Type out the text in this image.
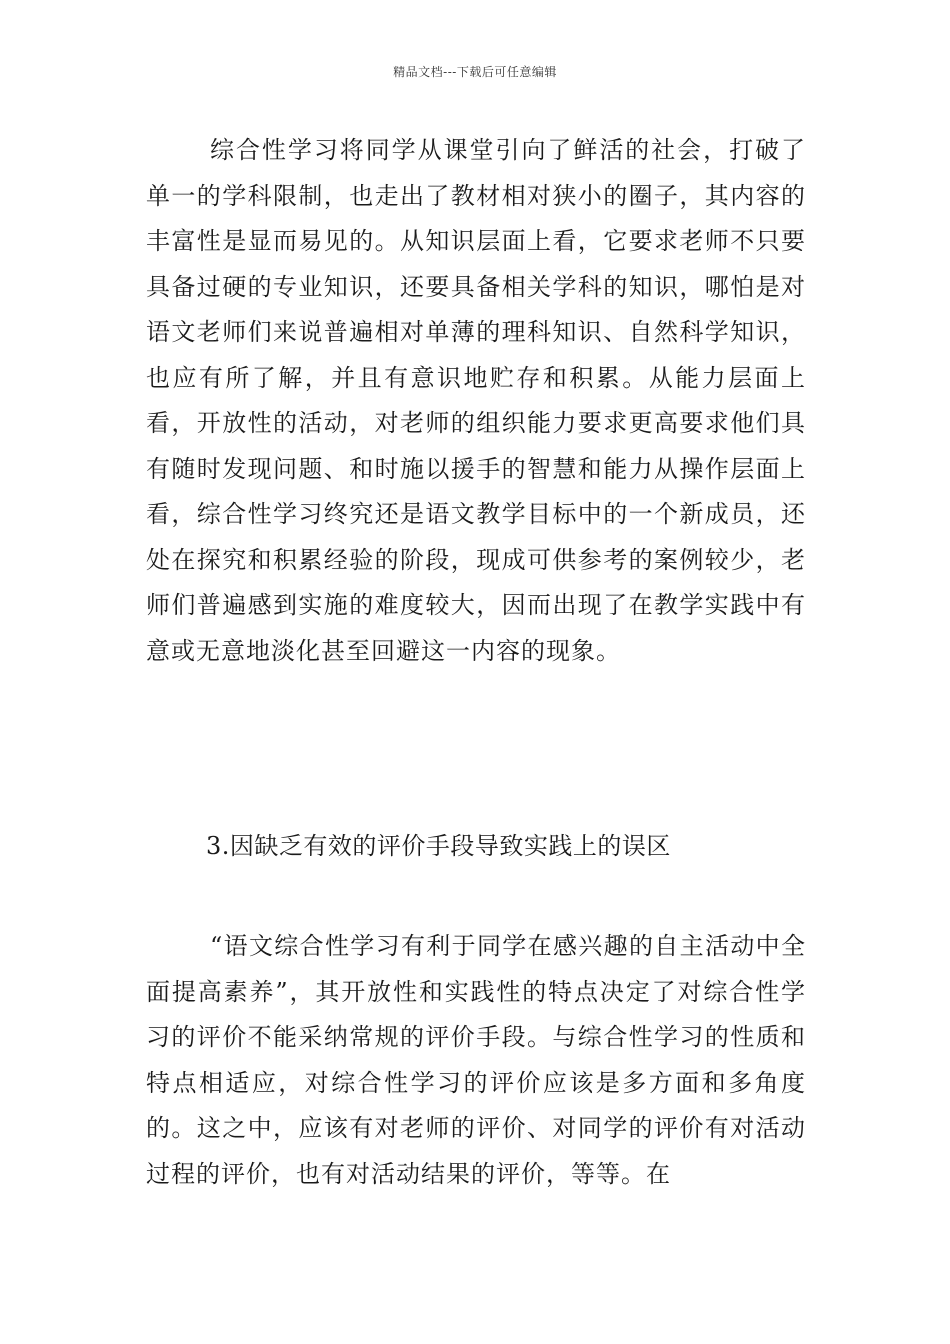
精品文档---下载后可任意编辑

综合性学习将同学从课堂引向了鲜活的社会，打破了单一的学科限制，也走出了教材相对狭小的圈子，其内容的丰富性是显而易见的。从知识层面上看，它要求老师不只要具备过硬的专业知识，还要具备相关学科的知识，哪怕是对语文老师们来说普遍相对单薄的理科知识、自然科学知识，也应有所了解，并且有意识地贮存和积累。从能力层面上看，开放性的活动，对老师的组织能力要求更高要求他们具有随时发现问题、和时施以援手的智慧和能力从操作层面上看，综合性学习终究还是语文教学目标中的一个新成员，还处在探究和积累经验的阶段，现成可供参考的案例较少，老师们普遍感到实施的难度较大，因而出现了在教学实践中有意或无意地淡化甚至回避这一内容的现象。

3.因缺乏有效的评价手段导致实践上的误区

“语文综合性学习有利于同学在感兴趣的自主活动中全面提高素养”，其开放性和实践性的特点决定了对综合性学习的评价不能采纳常规的评价手段。与综合性学习的性质和特点相适应，对综合性学习的评价应该是多方面和多角度的。这之中，应该有对老师的评价、对同学的评价有对活动过程的评价，也有对活动结果的评价，等等。在
